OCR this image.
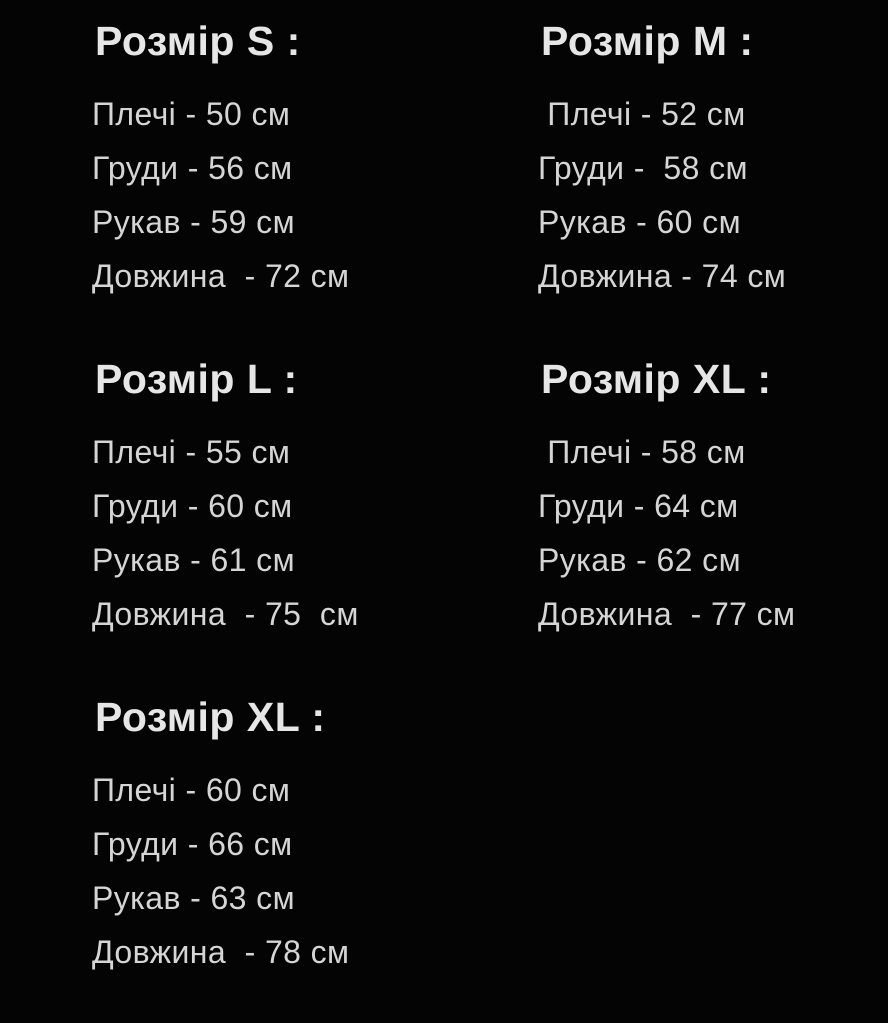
Розмір S :
Плечі - 50 см
Груди - 56 см
Рукав - 59 см
Довжина  - 72 см
Розмір M :
Плечі - 52 см
Груди -  58 см
Рукав - 60 см
Довжина - 74 см
Розмір L :
Плечі - 55 см
Груди - 60 см
Рукав - 61 см
Довжина  - 75  см
Розмір XL :
Плечі - 58 см
Груди - 64 см
Рукав - 62 см
Довжина  - 77 см
Розмір XL :
Плечі - 60 см
Груди - 66 см
Рукав - 63 см
Довжина  - 78 см
